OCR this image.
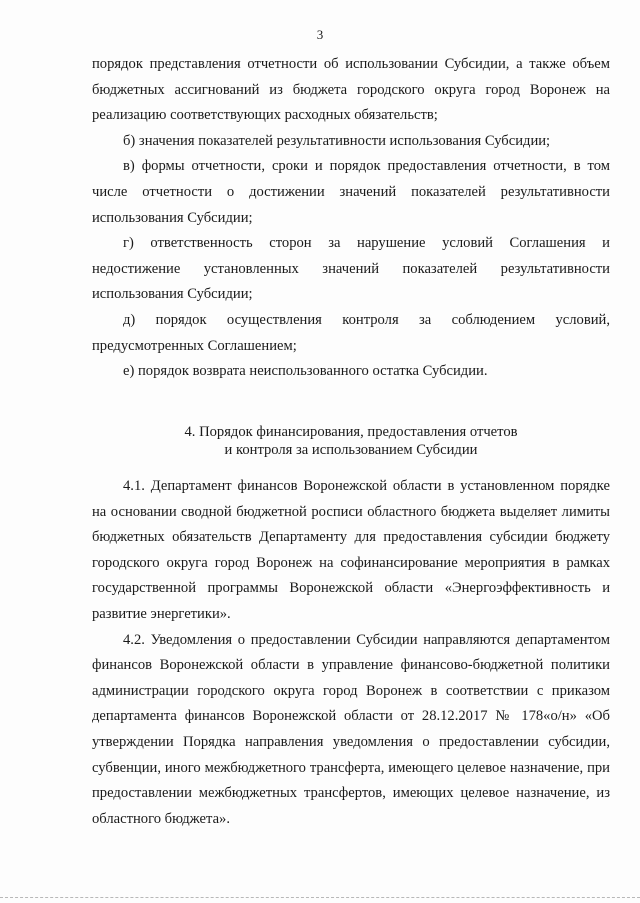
3

порядок представления отчетности об использовании Субсидии, а также объем

бюджетных ассигнований из бюджета городского округа город Воронеж на

реализацию соответствующих расходных обязательств;

б) значения показателей результативности использования Субсидии;

в) формы отчетности, сроки и порядок предоставления отчетности, в том числе отчетности о достижении значений показателей результативности использования Субсидии;

г) ответственность сторон за нарушение условий Соглашения и недостижение установленных значений показателей результативности использования Субсидии;

д) порядок осуществления контроля за соблюдением условий, предусмотренных Соглашением;

е) порядок возврата неиспользованного остатка Субсидии.

4. Порядок финансирования, предоставления отчетов
и контроля за использованием Субсидии

4.1. Департамент финансов Воронежской области в установленном порядке на основании сводной бюджетной росписи областного бюджета выделяет лимиты бюджетных обязательств Департаменту для предоставления субсидии бюджету городского округа город Воронеж на софинансирование мероприятия в рамках государственной программы Воронежской области «Энергоэффективность и развитие энергетики».

4.2. Уведомления о предоставлении Субсидии направляются департаментом финансов Воронежской области в управление финансово-бюджетной политики администрации городского округа город Воронеж в соответствии с приказом департамента финансов Воронежской области от 28.12.2017 № 178«о/н» «Об утверждении Порядка направления уведомления о предоставлении субсидии, субвенции, иного межбюджетного трансферта, имеющего целевое назначение, при предоставлении межбюджетных трансфертов, имеющих целевое назначение, из областного бюджета».
